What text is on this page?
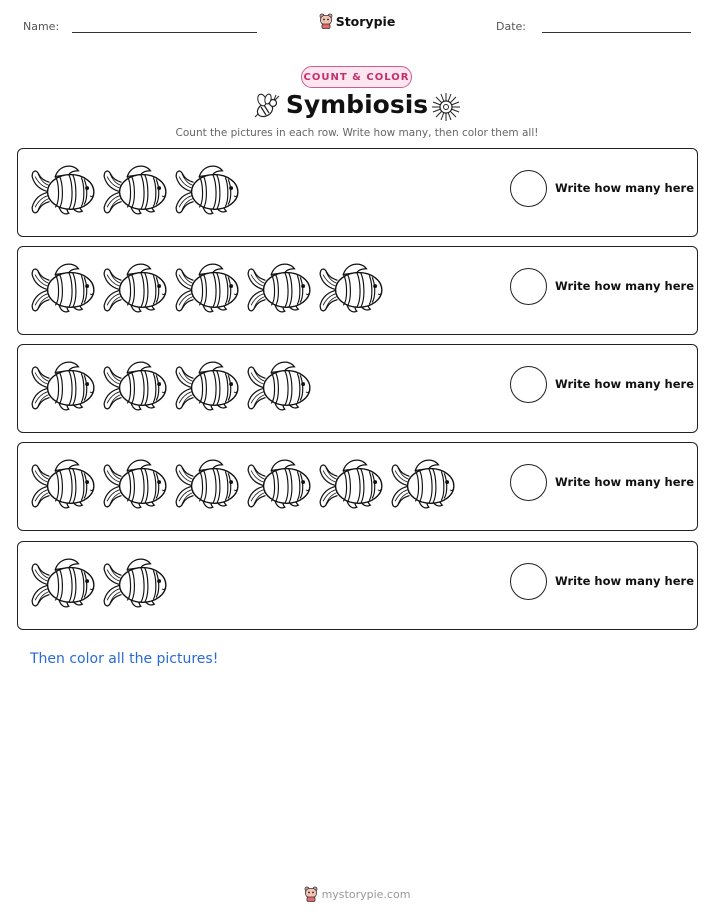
Name:	Storypie	Date:
COUNT & COLOR
Symbiosis
Count the pictures in each row. Write how many, then color them all!
Write how many here
Write how many here
Write how many here
Write how many here
Write how many here
Then color all the pictures!
mystorypie.com
